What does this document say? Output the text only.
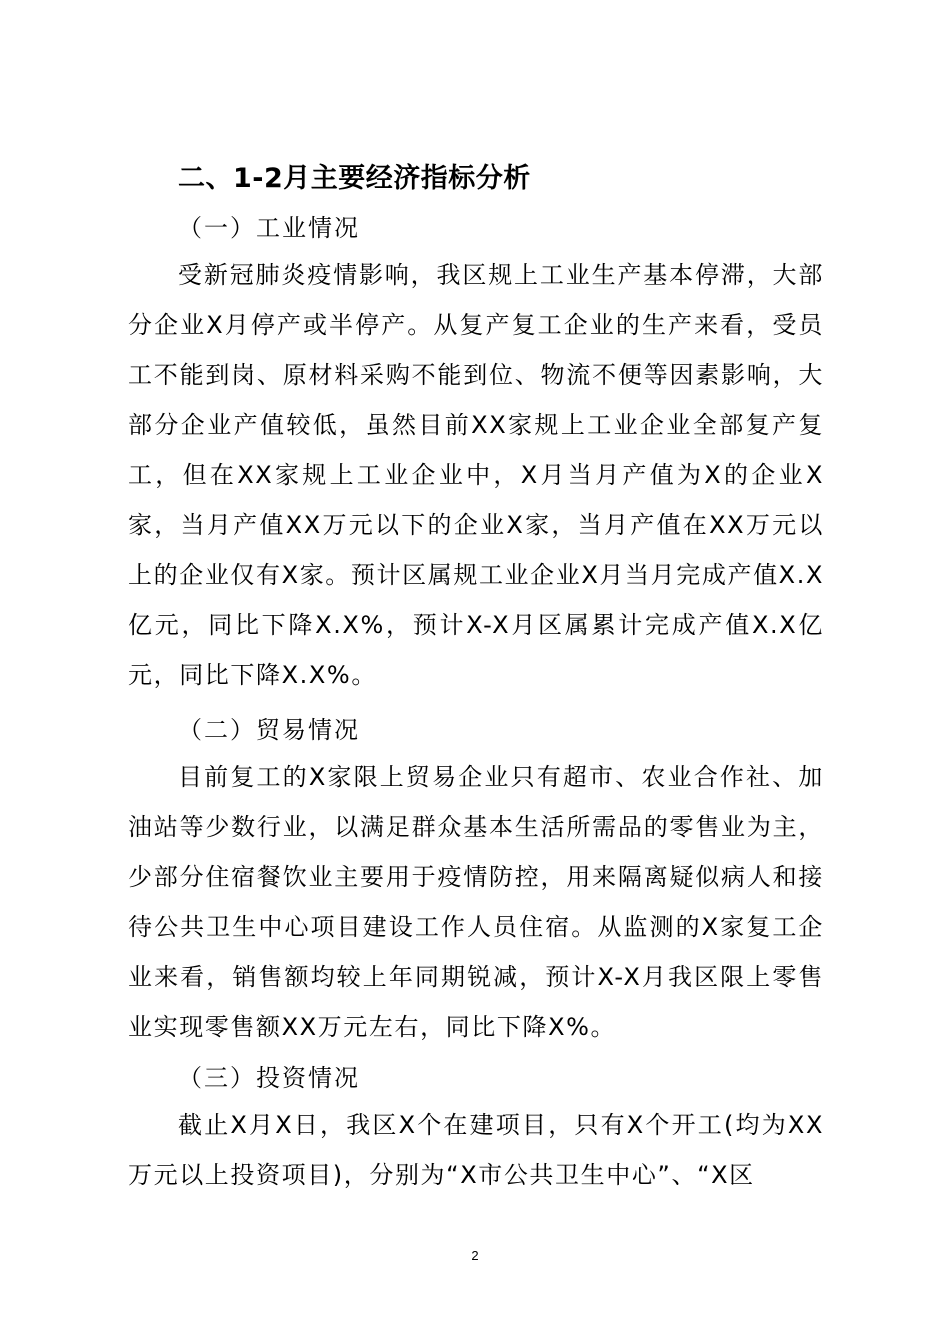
二、1-2月主要经济指标分析
（一）工业情况

受新冠肺炎疫情影响，我区规上工业生产基本停滞，大部分企业X月停产或半停产。从复产复工企业的生产来看，受员工不能到岗、原材料采购不能到位、物流不便等因素影响，大部分企业产值较低，虽然目前XX家规上工业企业全部复产复工，但在XX家规上工业企业中，X月当月产值为X的企业X家，当月产值XX万元以下的企业X家，当月产值在XX万元以上的企业仅有X家。预计区属规工业企业X月当月完成产值X.X亿元，同比下降X.X%，预计X-X月区属累计完成产值X.X亿元，同比下降X.X%。

（二）贸易情况

目前复工的X家限上贸易企业只有超市、农业合作社、加油站等少数行业，以满足群众基本生活所需品的零售业为主，少部分住宿餐饮业主要用于疫情防控，用来隔离疑似病人和接待公共卫生中心项目建设工作人员住宿。从监测的X家复工企业来看，销售额均较上年同期锐减，预计X-X月我区限上零售业实现零售额XX万元左右，同比下降X%。

（三）投资情况

截止X月X日，我区X个在建项目，只有X个开工(均为XX万元以上投资项目)，分别为“X市公共卫生中心”、“X区

2
